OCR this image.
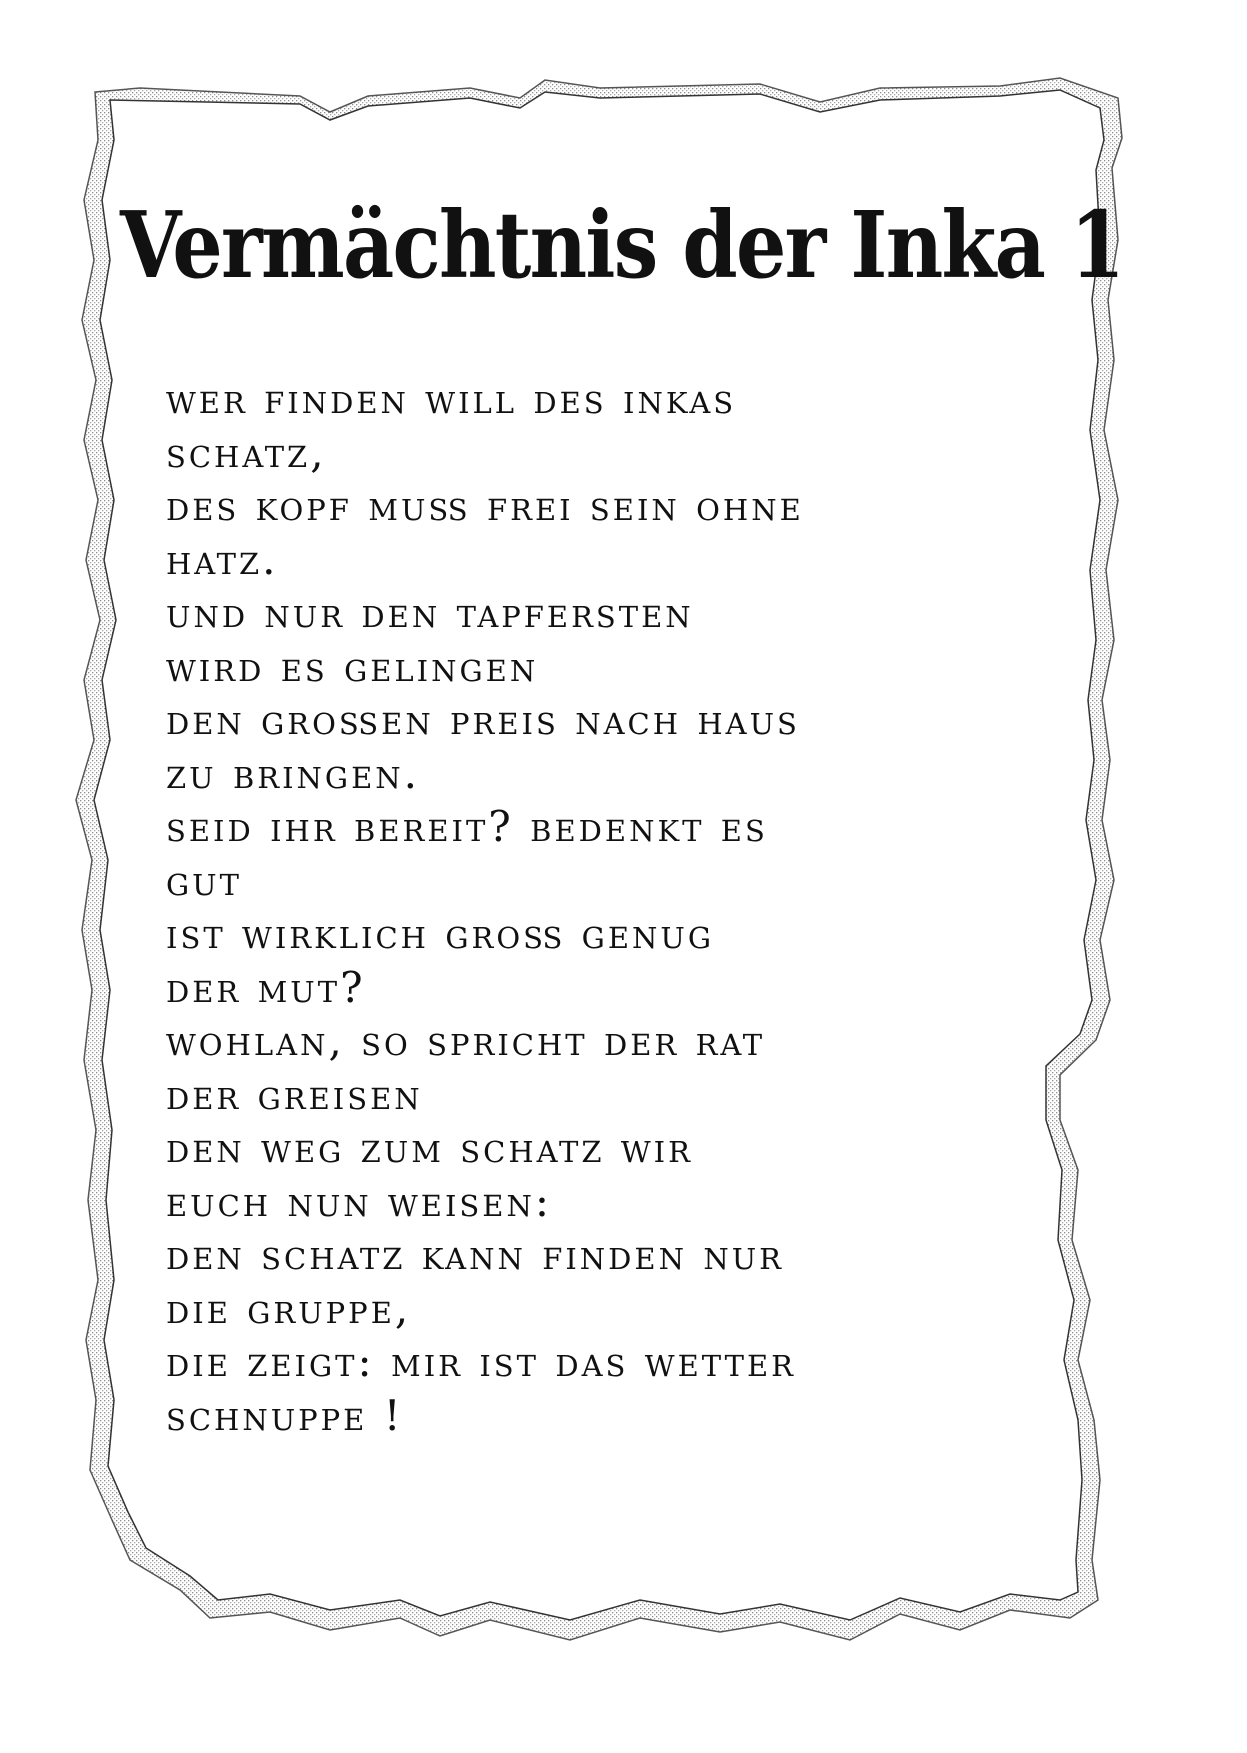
Vermächtnis der Inka 1
wer finden will des inkas
schatz,
des kopf muß frei sein ohne
hatz.
und nur den tapfersten
wird es gelingen
den großen preis nach haus
zu bringen.
seid ihr bereit? bedenkt es
gut
ist wirklich groß genug
der mut?
wohlan, so spricht der rat
der greisen
den weg zum schatz wir
euch nun weisen:
den schatz kann finden nur
die gruppe,
die zeigt: mir ist das wetter
schnuppe !
